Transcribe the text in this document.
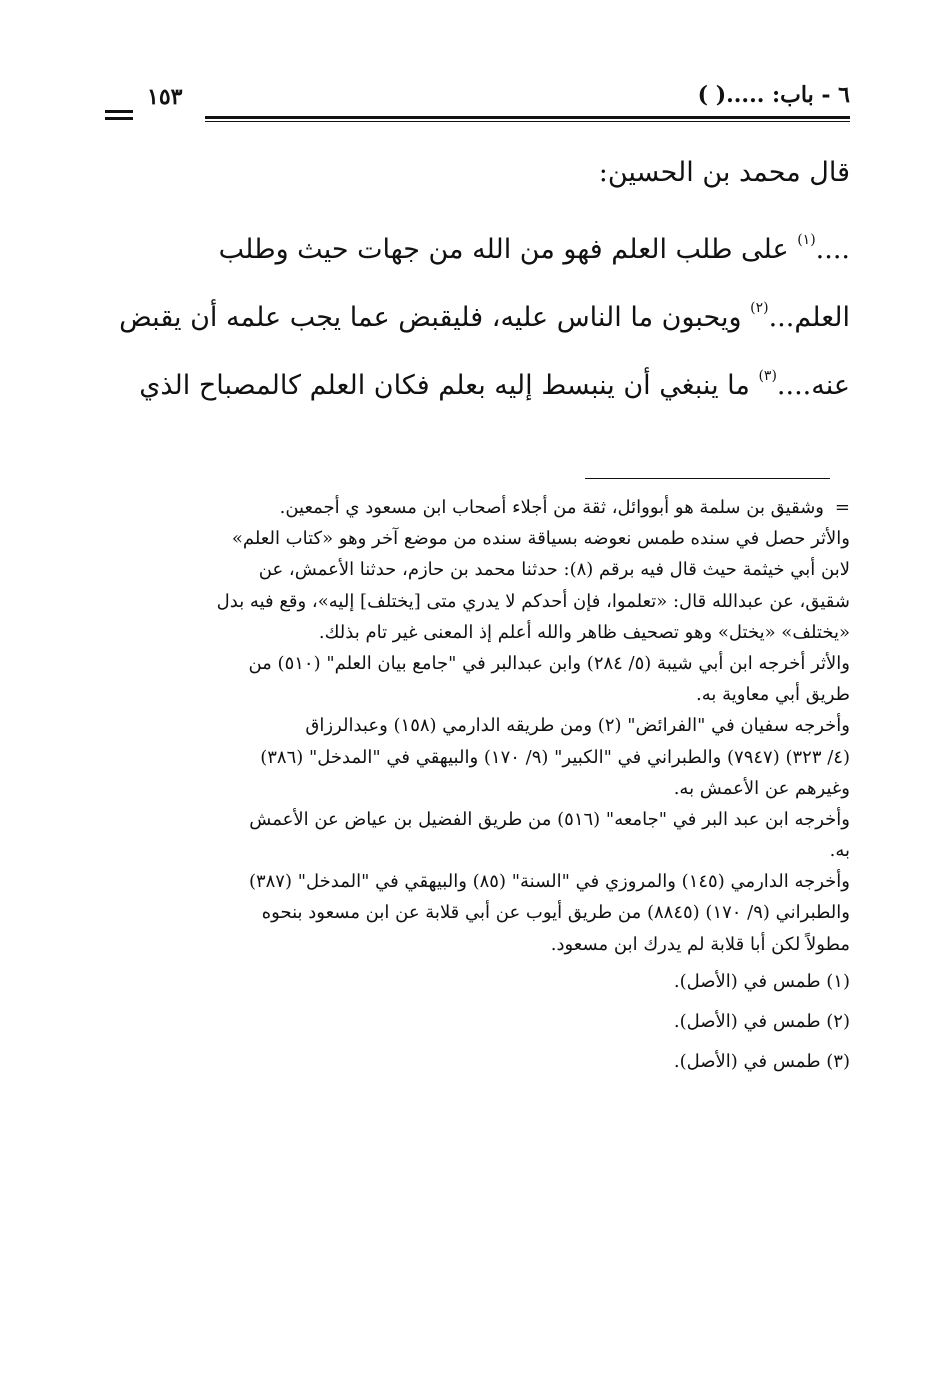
٦ - باب: .....( )
١٥٣
قال محمد بن الحسين:
....$^{(١)}$ على طلب العلم فهو من الله من جهات حيث وطلب
العلم...$^{(٢)}$ ويحبون ما الناس عليه، فليقبض عما يجب علمه أن يقبض
عنه....$^{(٣)}$ ما ينبغي أن ينبسط إليه بعلم فكان العلم كالمصباح الذي
=وشقيق بن سلمة هو أبووائل، ثقة من أجلاء أصحاب ابن مسعود ي أجمعين.
والأثر حصل في سنده طمس نعوضه بسياقة سنده من موضع آخر وهو «كتاب العلم»
لابن أبي خيثمة حيث قال فيه برقم (٨): حدثنا محمد بن حازم، حدثنا الأعمش، عن
شقيق، عن عبدالله قال: «تعلموا، فإن أحدكم لا يدري متى [يختلف] إليه»، وقع فيه بدل
«يختلف» «يختل» وهو تصحيف ظاهر والله أعلم إذ المعنى غير تام بذلك.
والأثر أخرجه ابن أبي شيبة (٥/ ٢٨٤) وابن عبدالبر في "جامع بيان العلم" (٥١٠) من
طريق أبي معاوية به.
وأخرجه سفيان في "الفرائض" (٢) ومن طريقه الدارمي (١٥٨) وعبدالرزاق
(٤/ ٣٢٣) (٧٩٤٧) والطبراني في "الكبير" (٩/ ١٧٠) والبيهقي في "المدخل" (٣٨٦)
وغيرهم عن الأعمش به.
وأخرجه ابن عبد البر في "جامعه" (٥١٦) من طريق الفضيل بن عياض عن الأعمش
به.
وأخرجه الدارمي (١٤٥) والمروزي في "السنة" (٨٥) والبيهقي في "المدخل" (٣٨٧)
والطبراني (٩/ ١٧٠) (٨٨٤٥) من طريق أيوب عن أبي قلابة عن ابن مسعود بنحوه
مطولاً لكن أبا قلابة لم يدرك ابن مسعود.
(١) طمس في (الأصل).
(٢) طمس في (الأصل).
(٣) طمس في (الأصل).
